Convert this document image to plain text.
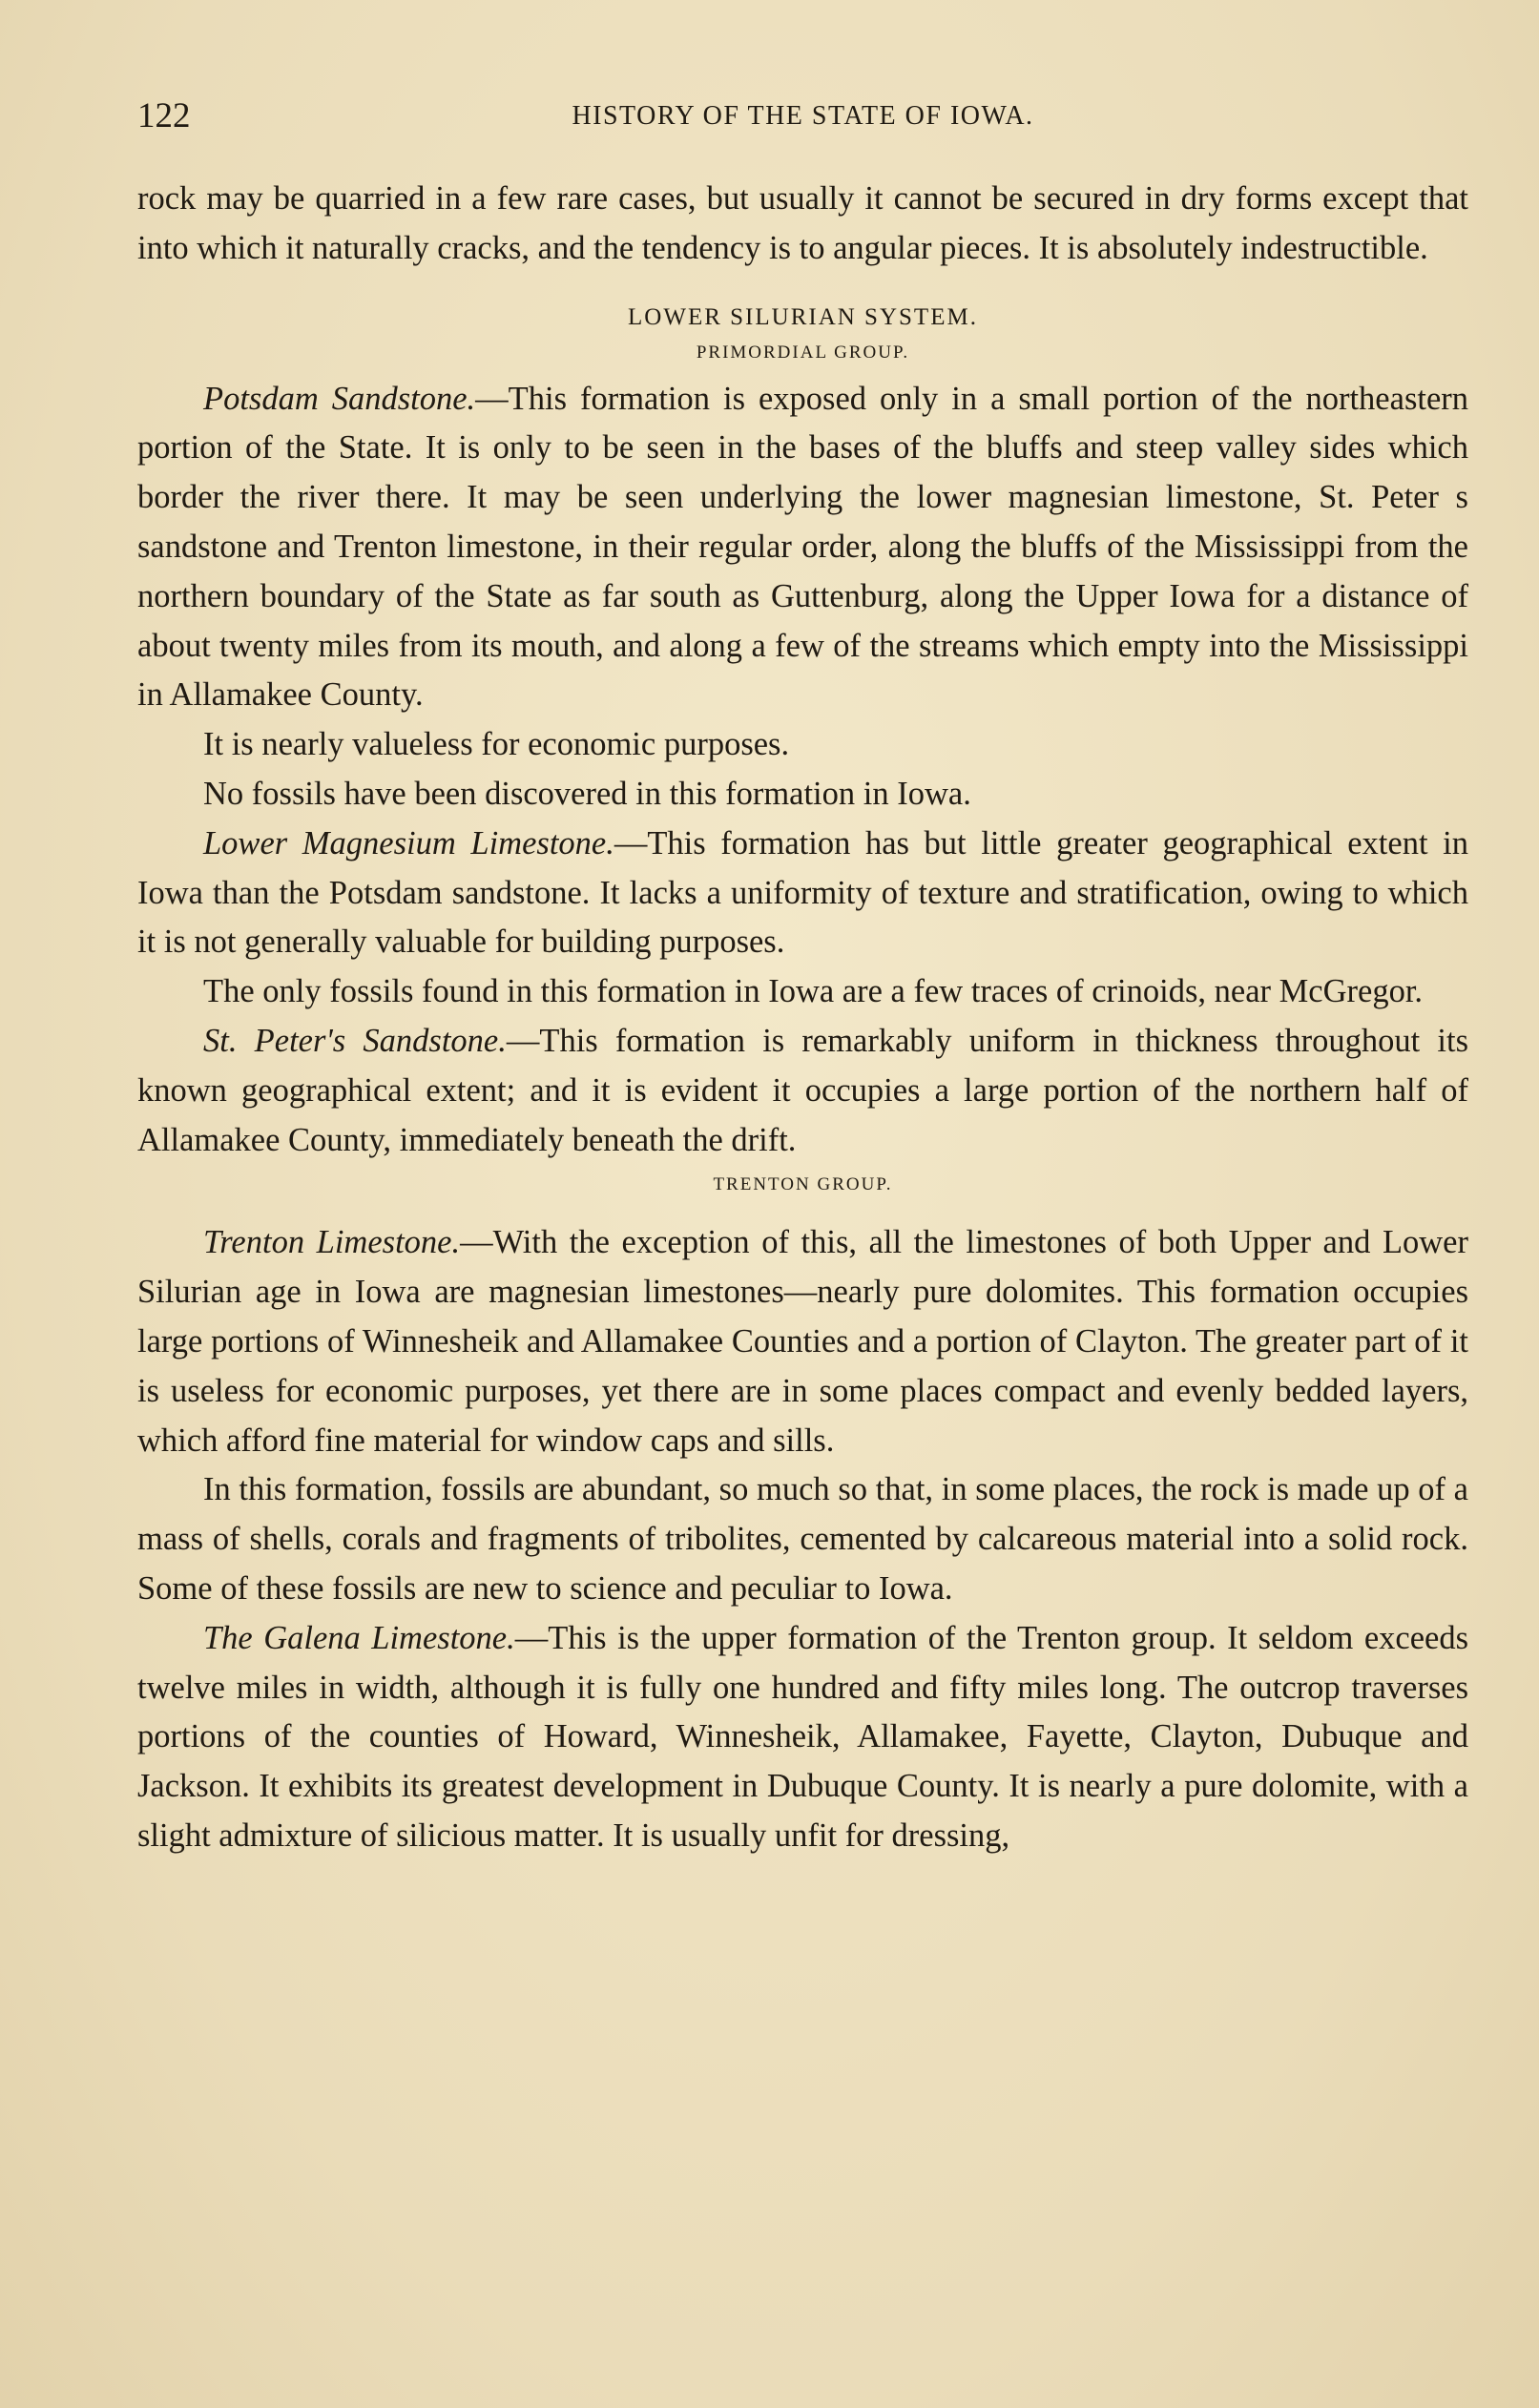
122	HISTORY OF THE STATE OF IOWA.

rock may be quarried in a few rare cases, but usually it cannot be secured in dry forms except that into which it naturally cracks, and the tendency is to angular pieces. It is absolutely indestructible.

LOWER SILURIAN SYSTEM.
PRIMORDIAL GROUP.

Potsdam Sandstone.—This formation is exposed only in a small portion of the northeastern portion of the State. It is only to be seen in the bases of the bluffs and steep valley sides which border the river there. It may be seen underlying the lower magnesian limestone, St. Peter s sandstone and Trenton limestone, in their regular order, along the bluffs of the Mississippi from the northern boundary of the State as far south as Guttenburg, along the Upper Iowa for a distance of about twenty miles from its mouth, and along a few of the streams which empty into the Mississippi in Allamakee County.

It is nearly valueless for economic purposes.

No fossils have been discovered in this formation in Iowa.

Lower Magnesium Limestone.—This formation has but little greater geographical extent in Iowa than the Potsdam sandstone. It lacks a uniformity of texture and stratification, owing to which it is not generally valuable for building purposes.

The only fossils found in this formation in Iowa are a few traces of crinoids, near McGregor.

St. Peter's Sandstone.—This formation is remarkably uniform in thickness throughout its known geographical extent; and it is evident it occupies a large portion of the northern half of Allamakee County, immediately beneath the drift.

TRENTON GROUP.

Trenton Limestone.—With the exception of this, all the limestones of both Upper and Lower Silurian age in Iowa are magnesian limestones—nearly pure dolomites. This formation occupies large portions of Winnesheik and Allamakee Counties and a portion of Clayton. The greater part of it is useless for economic purposes, yet there are in some places compact and evenly bedded layers, which afford fine material for window caps and sills.

In this formation, fossils are abundant, so much so that, in some places, the rock is made up of a mass of shells, corals and fragments of tribolites, cemented by calcareous material into a solid rock. Some of these fossils are new to science and peculiar to Iowa.

The Galena Limestone.—This is the upper formation of the Trenton group. It seldom exceeds twelve miles in width, although it is fully one hundred and fifty miles long. The outcrop traverses portions of the counties of Howard, Winnesheik, Allamakee, Fayette, Clayton, Dubuque and Jackson. It exhibits its greatest development in Dubuque County. It is nearly a pure dolomite, with a slight admixture of silicious matter. It is usually unfit for dressing,
